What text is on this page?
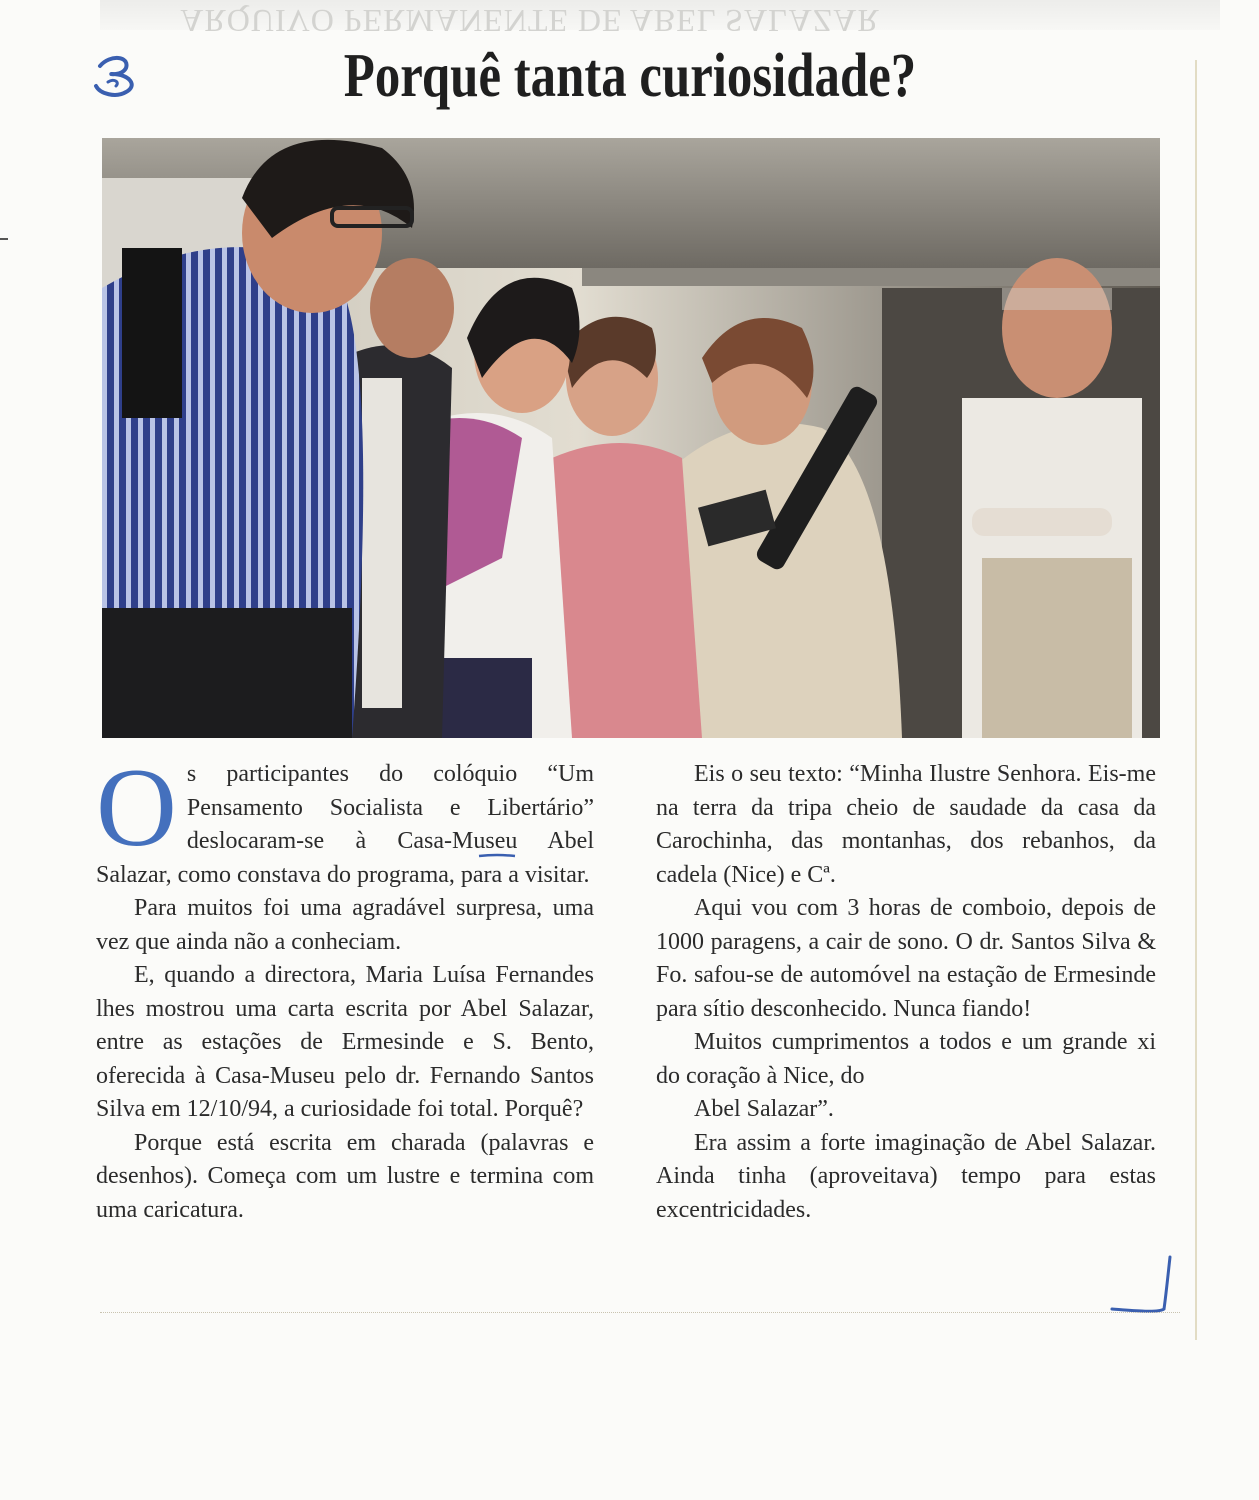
ARQUIVO PERMANENTE DE ABEL SALAZAR
Porquê tanta curiosidade?

Os participantes do colóquio “Um Pensamento Socialista e Libertário” deslocaram-se à Casa-Museu Abel Salazar, como constava do programa, para a visitar.

Para muitos foi uma agradável surpresa, uma vez que ainda não a conheciam.

E, quando a directora, Maria Luísa Fernandes lhes mostrou uma carta escrita por Abel Salazar, entre as estações de Ermesinde e S. Bento, oferecida à Casa-Museu pelo dr. Fernando Santos Silva em 12/10/94, a curiosidade foi total. Porquê?

Porque está escrita em charada (palavras e desenhos). Começa com um lustre e termina com uma caricatura.

Eis o seu texto: “Minha Ilustre Senhora. Eis-me na terra da tripa cheio de saudade da casa da Carochinha, das montanhas, dos rebanhos, da cadela (Nice) e Cª.

Aqui vou com 3 horas de comboio, depois de 1000 paragens, a cair de sono. O dr. Santos Silva & Fo. safou-se de automóvel na estação de Ermesinde para sítio desconhecido. Nunca fiando!

Muitos cumprimentos a todos e um grande xi do coração à Nice, do

Abel Salazar”.

Era assim a forte imaginação de Abel Salazar. Ainda tinha (aproveitava) tempo para estas excentricidades.
